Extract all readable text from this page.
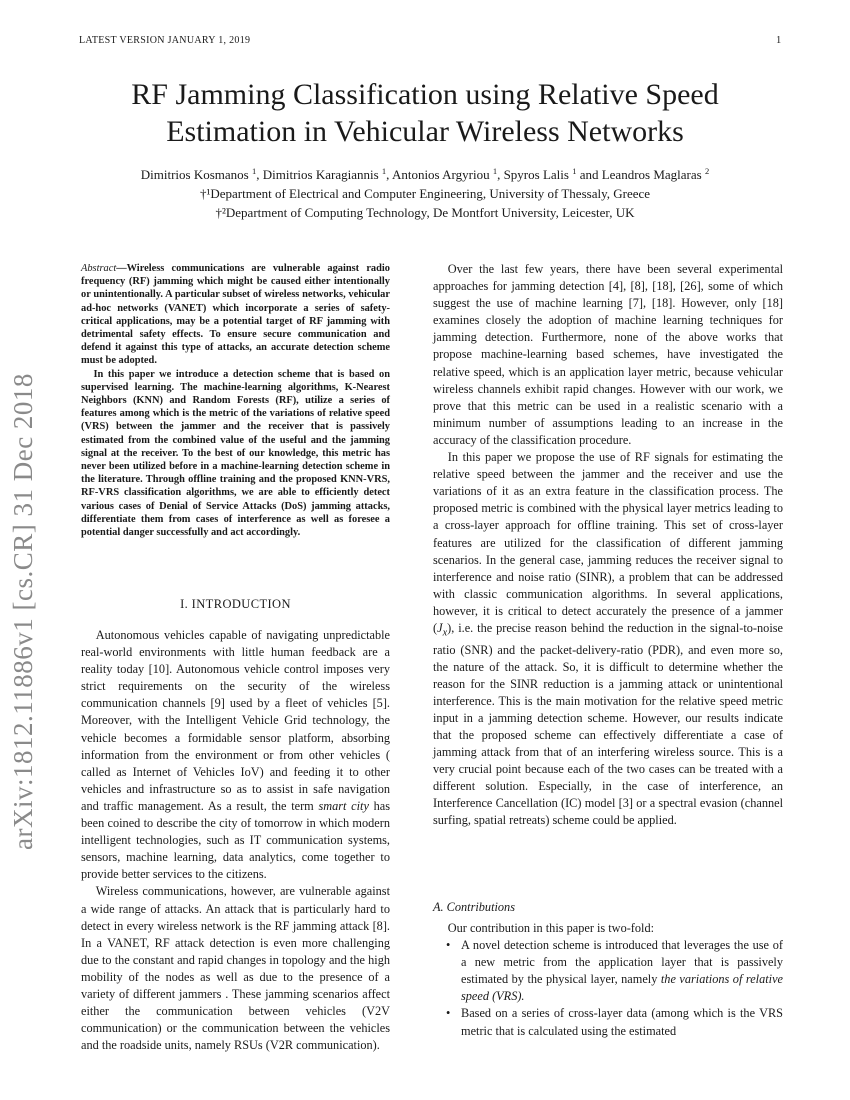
LATEST VERSION JANUARY 1, 2019	1
RF Jamming Classification using Relative Speed
Estimation in Vehicular Wireless Networks
Dimitrios Kosmanos $^1$, Dimitrios Karagiannis $^1$, Antonios Argyriou $^1$, Spyros Lalis $^1$ and Leandros Maglaras $^2$
†¹Department of Electrical and Computer Engineering, University of Thessaly, Greece
†²Department of Computing Technology, De Montfort University, Leicester, UK

Abstract—Wireless communications are vulnerable against radio frequency (RF) jamming which might be caused either intentionally or unintentionally. A particular subset of wireless networks, vehicular ad-hoc networks (VANET) which incorporate a series of safety-critical applications, may be a potential target of RF jamming with detrimental safety effects. To ensure secure communication and defend it against this type of attacks, an accurate detection scheme must be adopted.

In this paper we introduce a detection scheme that is based on supervised learning. The machine-learning algorithms, K-Nearest Neighbors (KNN) and Random Forests (RF), utilize a series of features among which is the metric of the variations of relative speed (VRS) between the jammer and the receiver that is passively estimated from the combined value of the useful and the jamming signal at the receiver. To the best of our knowledge, this metric has never been utilized before in a machine-learning detection scheme in the literature. Through offline training and the proposed KNN-VRS, RF-VRS classification algorithms, we are able to efficiently detect various cases of Denial of Service Attacks (DoS) jamming attacks, differentiate them from cases of interference as well as foresee a potential danger successfully and act accordingly.

I. INTRODUCTION

Autonomous vehicles capable of navigating unpredictable real-world environments with little human feedback are a reality today [10]. Autonomous vehicle control imposes very strict requirements on the security of the wireless communication channels [9] used by a fleet of vehicles [5]. Moreover, with the Intelligent Vehicle Grid technology, the vehicle becomes a formidable sensor platform, absorbing information from the environment or from other vehicles ( called as Internet of Vehicles IoV) and feeding it to other vehicles and infrastructure so as to assist in safe navigation and traffic management. As a result, the term smart city has been coined to describe the city of tomorrow in which modern intelligent technologies, such as IT communication systems, sensors, machine learning, data analytics, come together to provide better services to the citizens.

Wireless communications, however, are vulnerable against a wide range of attacks. An attack that is particularly hard to detect in every wireless network is the RF jamming attack [8]. In a VANET, RF attack detection is even more challenging due to the constant and rapid changes in topology and the high mobility of the nodes as well as due to the presence of a variety of different jammers . These jamming scenarios affect either the communication between vehicles (V2V communication) or the communication between the vehicles and the roadside units, namely RSUs (V2R communication).

Over the last few years, there have been several experimental approaches for jamming detection [4], [8], [18], [26], some of which suggest the use of machine learning [7], [18]. However, only [18] examines closely the adoption of machine learning techniques for jamming detection. Furthermore, none of the above works that propose machine-learning based schemes, have investigated the relative speed, which is an application layer metric, because vehicular wireless channels exhibit rapid changes. However with our work, we prove that this metric can be used in a realistic scenario with a minimum number of assumptions leading to an increase in the accuracy of the classification procedure.

In this paper we propose the use of RF signals for estimating the relative speed between the jammer and the receiver and use the variations of it as an extra feature in the classification process. The proposed metric is combined with the physical layer metrics leading to a cross-layer approach for offline training. This set of cross-layer features are utilized for the classification of different jamming scenarios. In the general case, jamming reduces the receiver signal to interference and noise ratio (SINR), a problem that can be addressed with classic communication algorithms. In several applications, however, it is critical to detect accurately the presence of a jammer $(J_x)$, i.e. the precise reason behind the reduction in the signal-to-noise ratio (SNR) and the packet-delivery-ratio (PDR), and even more so, the nature of the attack. So, it is difficult to determine whether the reason for the SINR reduction is a jamming attack or unintentional interference. This is the main motivation for the relative speed metric input in a jamming detection scheme. However, our results indicate that the proposed scheme can effectively differentiate a case of jamming attack from that of an interfering wireless source. This is a very crucial point because each of the two cases can be treated with a different solution. Especially, in the case of interference, an Interference Cancellation (IC) model [3] or a spectral evasion (channel surfing, spatial retreats) scheme could be applied.

A. Contributions

Our contribution in this paper is two-fold:

• A novel detection scheme is introduced that leverages the use of a new metric from the application layer that is passively estimated by the physical layer, namely the variations of relative speed (VRS).
• Based on a series of cross-layer data (among which is the VRS metric that is calculated using the estimated
arXiv:1812.11886v1 [cs.CR] 31 Dec 2018
